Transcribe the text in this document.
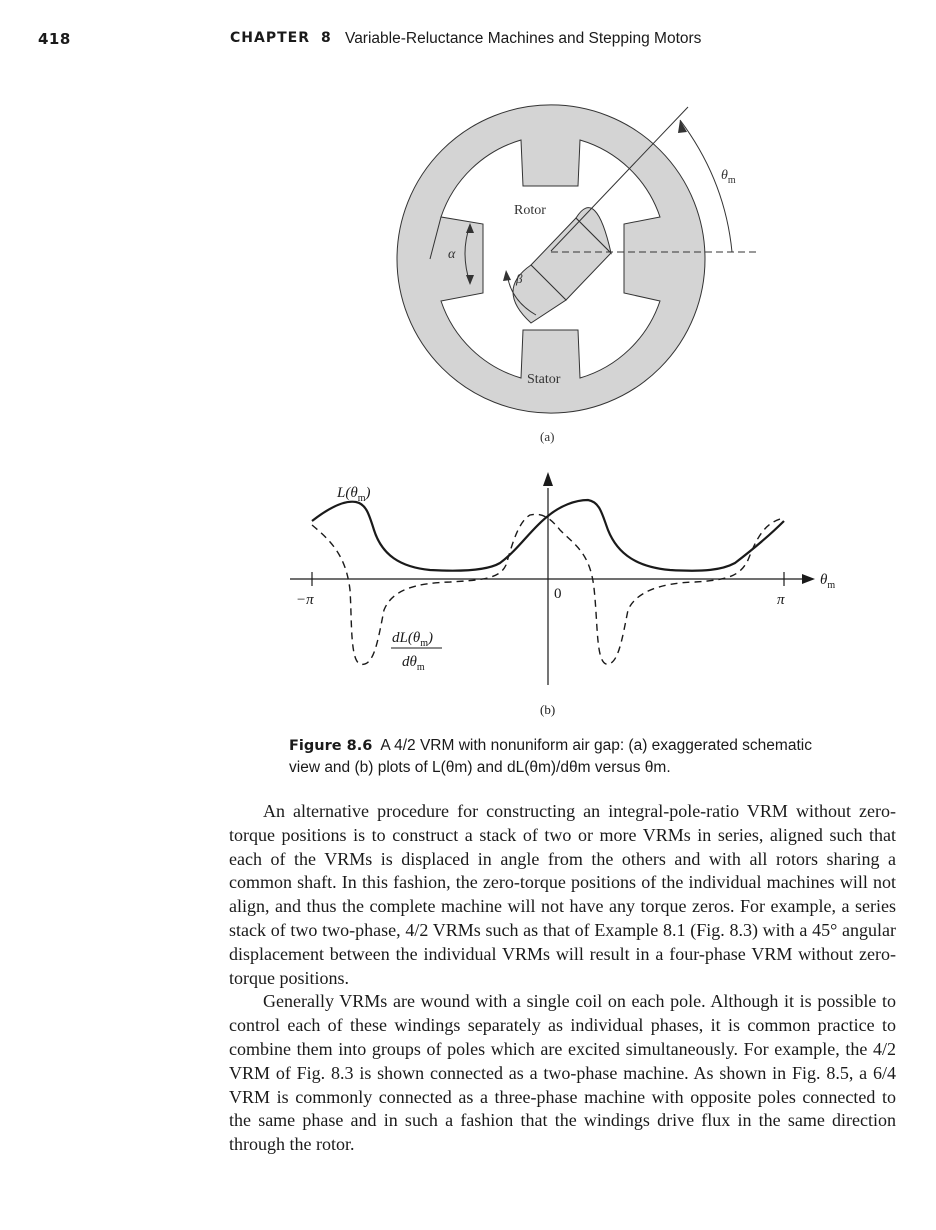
418	CHAPTER 8 Variable-Reluctance Machines and Stepping Motors
Rotor
Stator
α
β
$\theta_m$
(a)
$L(\theta_m)$
$dL(\theta_m)$
$d\theta_m$
−π	0	π
$\theta_m$
(b)
Figure 8.6 A 4/2 VRM with nonuniform air gap: (a) exaggerated schematic view and (b) plots of L(θm) and dL(θm)/dθm versus θm.

An alternative procedure for constructing an integral-pole-ratio VRM without zero-torque positions is to construct a stack of two or more VRMs in series, aligned such that each of the VRMs is displaced in angle from the others and with all rotors sharing a common shaft. In this fashion, the zero-torque positions of the individual machines will not align, and thus the complete machine will not have any torque zeros. For example, a series stack of two two-phase, 4/2 VRMs such as that of Example 8.1 (Fig. 8.3) with a 45° angular displacement between the individual VRMs will result in a four-phase VRM without zero-torque positions.

Generally VRMs are wound with a single coil on each pole. Although it is possible to control each of these windings separately as individual phases, it is common practice to combine them into groups of poles which are excited simultaneously. For example, the 4/2 VRM of Fig. 8.3 is shown connected as a two-phase machine. As shown in Fig. 8.5, a 6/4 VRM is commonly connected as a three-phase machine with opposite poles connected to the same phase and in such a fashion that the windings drive flux in the same direction through the rotor.
